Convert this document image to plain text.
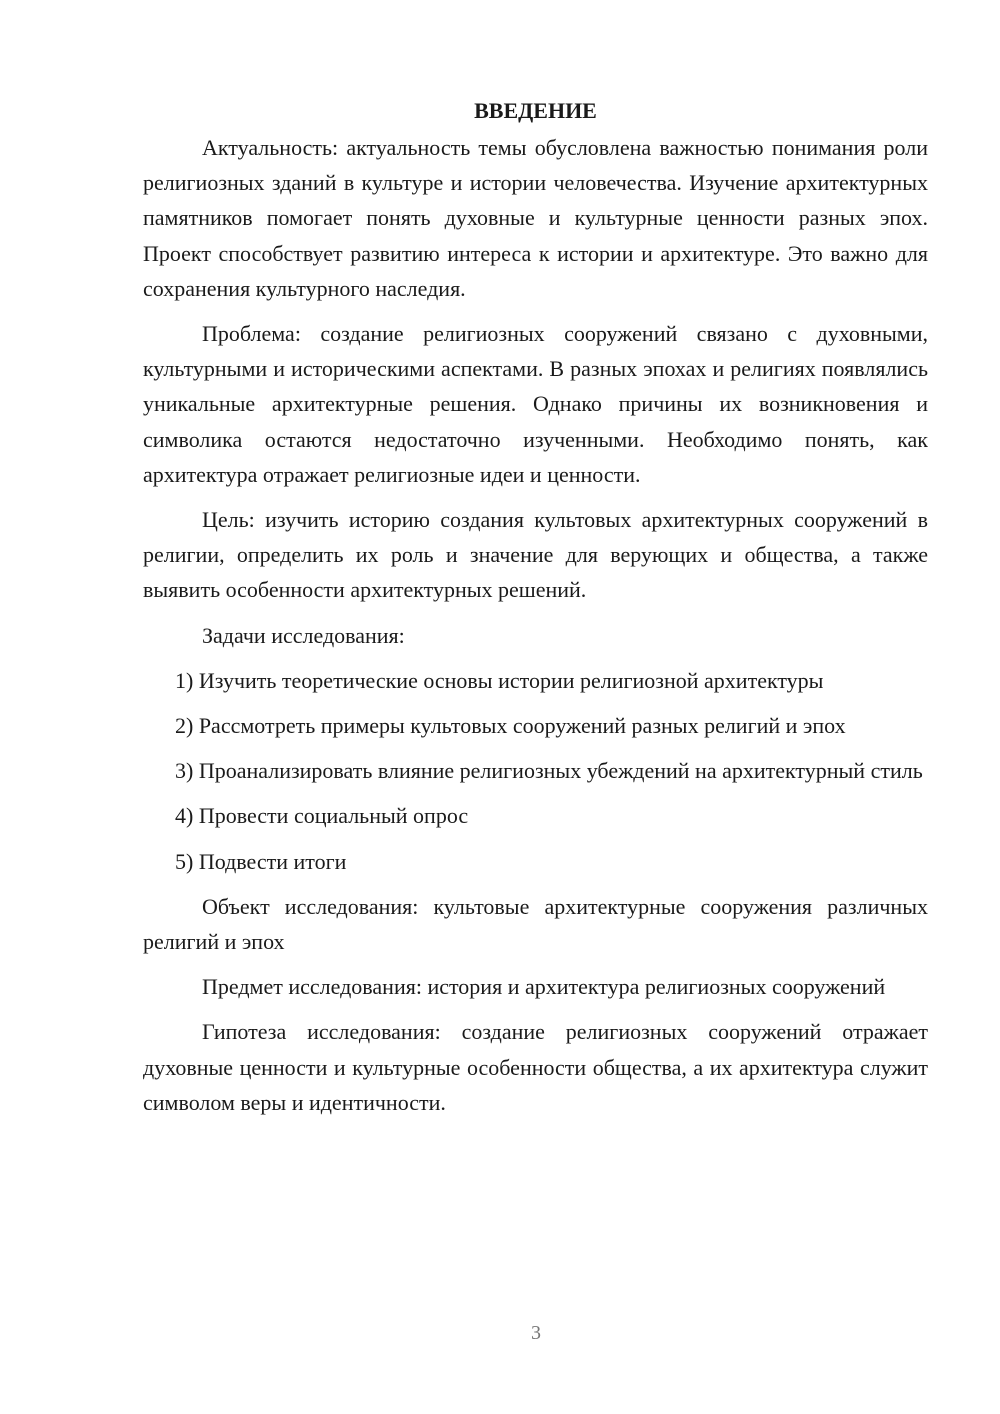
ВВЕДЕНИЕ

Актуальность: актуальность темы обусловлена важностью понимания роли религиозных зданий в культуре и истории человечества. Изучение архитектурных памятников помогает понять духовные и культурные ценности разных эпох. Проект способствует развитию интереса к истории и архитектуре. Это важно для сохранения культурного наследия.

Проблема: создание религиозных сооружений связано с духовными, культурными и историческими аспектами. В разных эпохах и религиях появлялись уникальные архитектурные решения. Однако причины их возникновения и символика остаются недостаточно изученными. Необходимо понять, как архитектура отражает религиозные идеи и ценности.

Цель: изучить историю создания культовых архитектурных сооружений в религии, определить их роль и значение для верующих и общества, а также выявить особенности архитектурных решений.

Задачи исследования:

1) Изучить теоретические основы истории религиозной архитектуры

2) Рассмотреть примеры культовых сооружений разных религий и эпох

3) Проанализировать влияние религиозных убеждений на архитектурный стиль

4) Провести социальный опрос

5) Подвести итоги

Объект исследования: культовые архитектурные сооружения различных религий и эпох

Предмет исследования: история и архитектура религиозных сооружений

Гипотеза исследования: создание религиозных сооружений отражает духовные ценности и культурные особенности общества, а их архитектура служит символом веры и идентичности.

3
